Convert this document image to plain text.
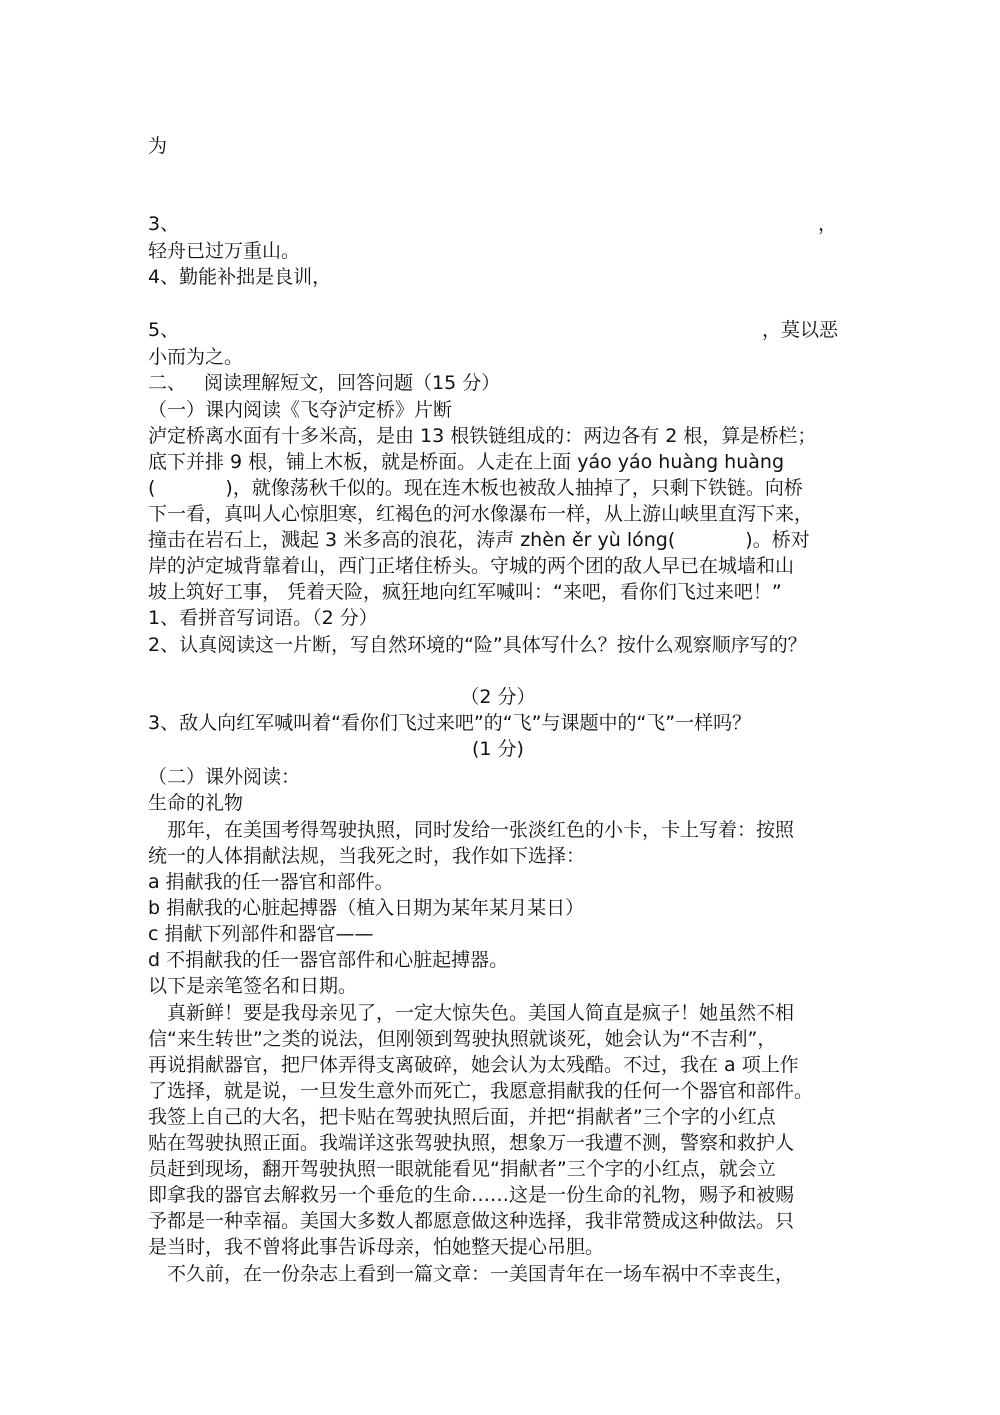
为
3、	，
轻舟已过万重山。
4、勤能补拙是良训，
5、	，莫以恶
小而为之。
二、 阅读理解短文，回答问题（15 分）
（一）课内阅读《飞夺泸定桥》片断
泸定桥离水面有十多米高，是由 13 根铁链组成的：两边各有 2 根，算是桥栏；
底下并排 9 根，铺上木板，就是桥面。人走在上面 yáo yáo huàng huàng
(	)，就像荡秋千似的。现在连木板也被敌人抽掉了，只剩下铁链。向桥
下一看，真叫人心惊胆寒，红褐色的河水像瀑布一样，从上游山峡里直泻下来，
撞击在岩石上，溅起 3 米多高的浪花，涛声 zhèn ěr yù lóng(	)。桥对
岸的泸定城背靠着山，西门正堵住桥头。守城的两个团的敌人早已在城墙和山
坡上筑好工事， 凭着天险，疯狂地向红军喊叫：“来吧，看你们飞过来吧！”
1、看拼音写词语。（2 分）
2、认真阅读这一片断，写自然环境的“险”具体写什么？按什么观察顺序写的？
（2 分）
3、敌人向红军喊叫着“看你们飞过来吧”的“飞”与课题中的“飞”一样吗？
(1 分)
（二）课外阅读：
生命的礼物
　那年，在美国考得驾驶执照，同时发给一张淡红色的小卡，卡上写着：按照
统一的人体捐献法规，当我死之时，我作如下选择：
a 捐献我的任一器官和部件。
b 捐献我的心脏起搏器（植入日期为某年某月某日）
c 捐献下列部件和器官——
d 不捐献我的任一器官部件和心脏起搏器。
以下是亲笔签名和日期。
　真新鲜！要是我母亲见了，一定大惊失色。美国人简直是疯子！她虽然不相
信“来生转世”之类的说法，但刚领到驾驶执照就谈死，她会认为“不吉利”，
再说捐献器官，把尸体弄得支离破碎，她会认为太残酷。不过，我在 a 项上作
了选择，就是说，一旦发生意外而死亡，我愿意捐献我的任何一个器官和部件。
我签上自己的大名，把卡贴在驾驶执照后面，并把“捐献者”三个字的小红点
贴在驾驶执照正面。我端详这张驾驶执照，想象万一我遭不测，警察和救护人
员赶到现场，翻开驾驶执照一眼就能看见“捐献者”三个字的小红点，就会立
即拿我的器官去解救另一个垂危的生命……这是一份生命的礼物，赐予和被赐
予都是一种幸福。美国大多数人都愿意做这种选择，我非常赞成这种做法。只
是当时，我不曾将此事告诉母亲，怕她整天提心吊胆。
　不久前，在一份杂志上看到一篇文章：一美国青年在一场车祸中不幸丧生，
